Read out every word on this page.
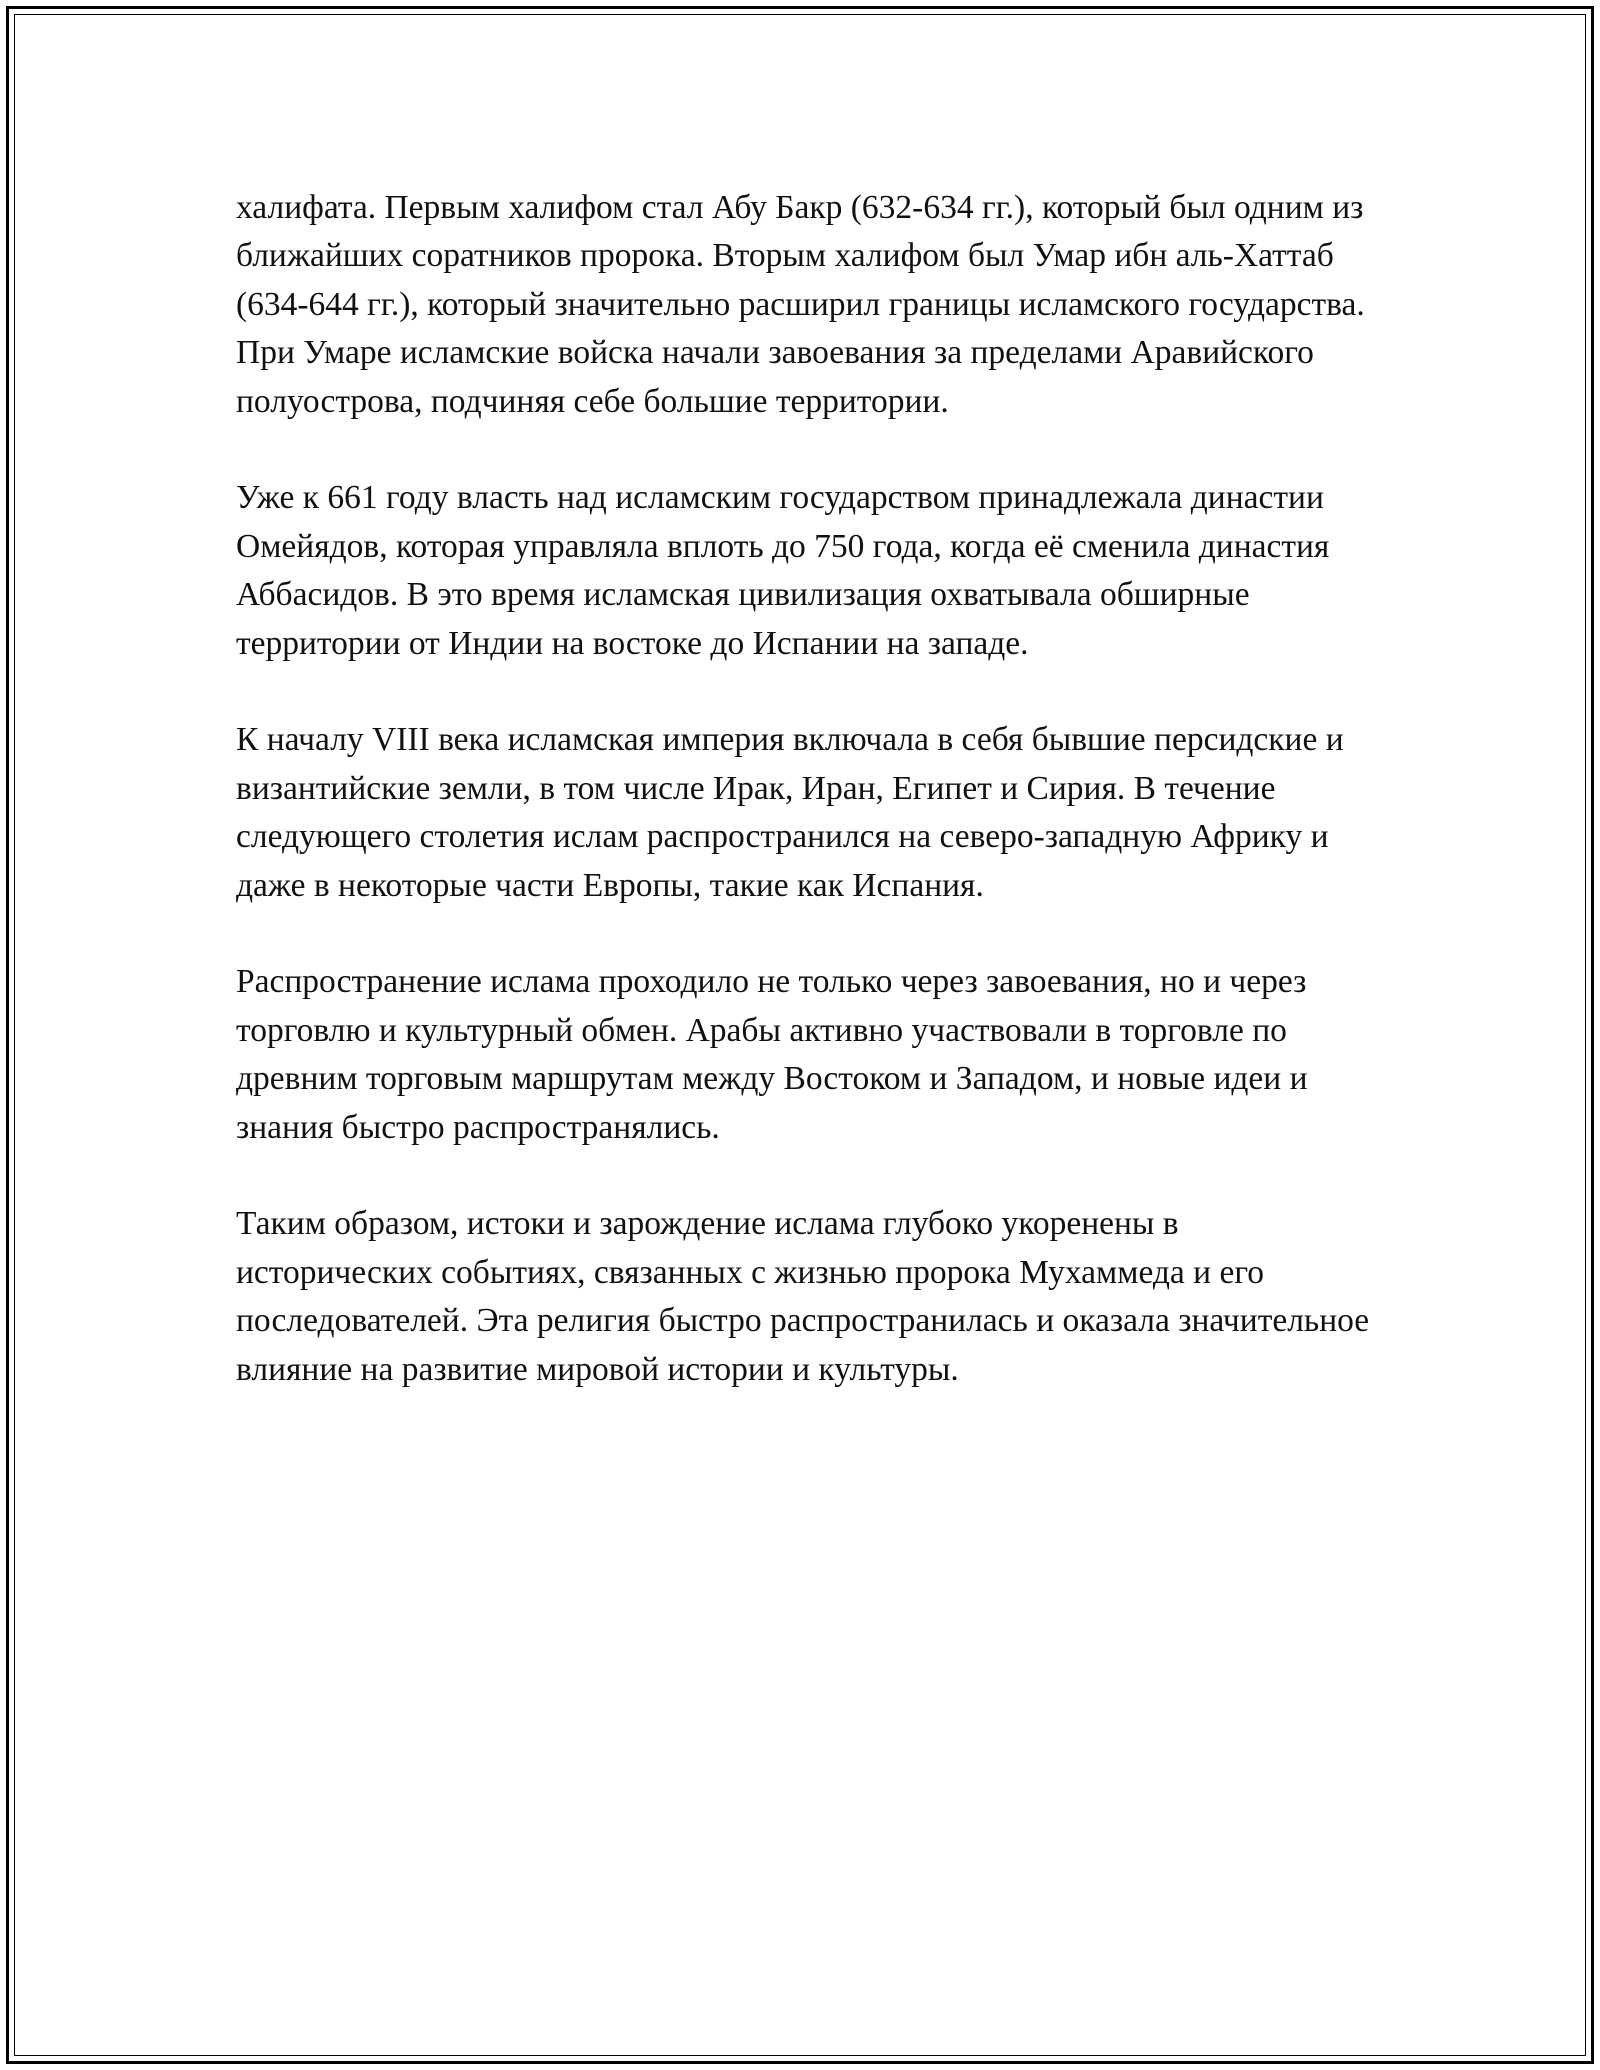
халифата. Первым халифом стал Абу Бакр (632-634 гг.), который был одним из ближайших соратников пророка. Вторым халифом был Умар ибн аль-Хаттаб (634-644 гг.), который значительно расширил границы исламского государства. При Умаре исламские войска начали завоевания за пределами Аравийского полуострова, подчиняя себе большие территории.

Уже к 661 году власть над исламским государством принадлежала династии Омейядов, которая управляла вплоть до 750 года, когда её сменила династия Аббасидов. В это время исламская цивилизация охватывала обширные территории от Индии на востоке до Испании на западе.

К началу VIII века исламская империя включала в себя бывшие персидские и византийские земли, в том числе Ирак, Иран, Египет и Сирия. В течение следующего столетия ислам распространился на северо-западную Африку и даже в некоторые части Европы, такие как Испания.

Распространение ислама проходило не только через завоевания, но и через торговлю и культурный обмен. Арабы активно участвовали в торговле по древним торговым маршрутам между Востоком и Западом, и новые идеи и знания быстро распространялись.

Таким образом, истоки и зарождение ислама глубоко укоренены в исторических событиях, связанных с жизнью пророка Мухаммеда и его последователей. Эта религия быстро распространилась и оказала значительное влияние на развитие мировой истории и культуры.
